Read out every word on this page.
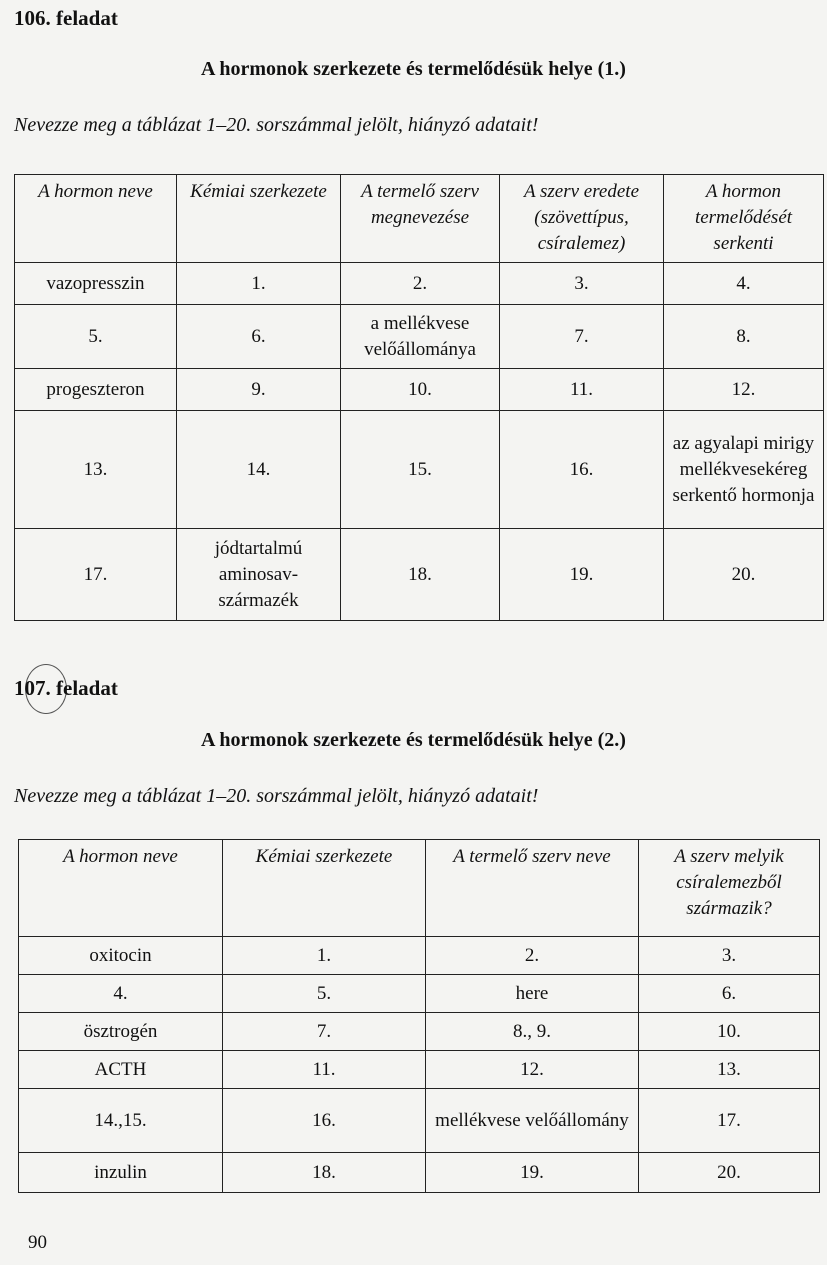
106. feladat
A hormonok szerkezete és termelődésük helye (1.)
Nevezze meg a táblázat 1–20. sorszámmal jelölt, hiányzó adatait!
A hormon neve	Kémiai szerkezete	A termelő szerv megnevezése	A szerv eredete (szövettípus, csíralemez)	A hormon termelődését serkenti
vazopresszin	1.	2.	3.	4.
5.	6.	a mellékvese velőállománya	7.	8.
progeszteron	9.	10.	11.	12.
13.	14.	15.	16.	az agyalapi mirigy mellékvesekéreg serkentő hormonja
17.	jódtartalmú aminosav-származék	18.	19.	20.
107. feladat
A hormonok szerkezete és termelődésük helye (2.)
Nevezze meg a táblázat 1–20. sorszámmal jelölt, hiányzó adatait!
A hormon neve	Kémiai szerkezete	A termelő szerv neve	A szerv melyik csíralemezből származik?
oxitocin	1.	2.	3.
4.	5.	here	6.
ösztrogén	7.	8., 9.	10.
ACTH	11.	12.	13.
14.,15.	16.	mellékvese velőállomány	17.
inzulin	18.	19.	20.
90
